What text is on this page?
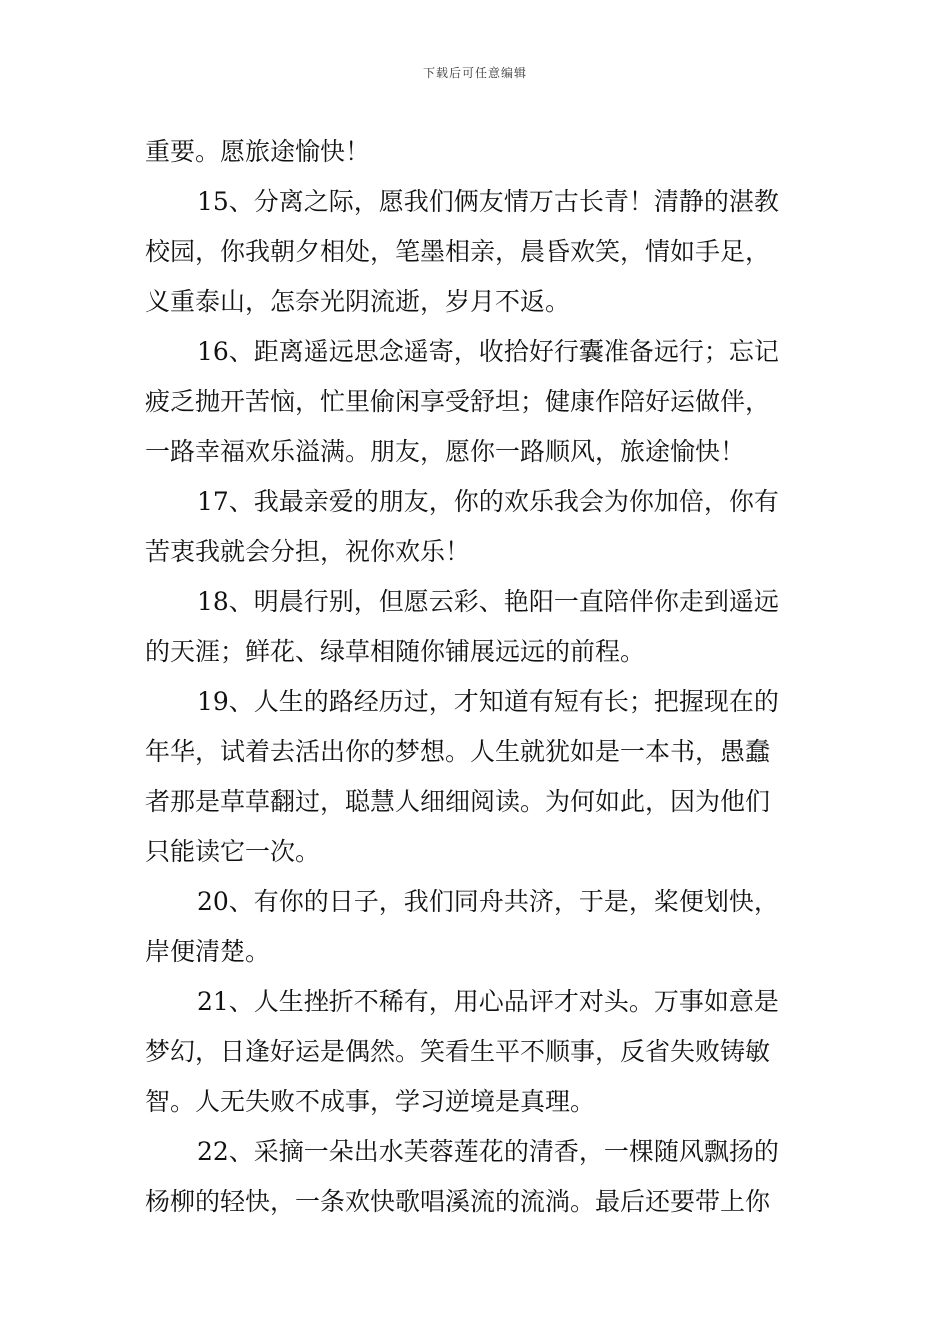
下载后可任意编辑
重要。愿旅途愉快！
15、分离之际，愿我们俩友情万古长青！清静的湛教
校园，你我朝夕相处，笔墨相亲，晨昏欢笑，情如手足，
义重泰山，怎奈光阴流逝，岁月不返。
16、距离遥远思念遥寄，收拾好行囊准备远行；忘记
疲乏抛开苦恼，忙里偷闲享受舒坦；健康作陪好运做伴，
一路幸福欢乐溢满。朋友，愿你一路顺风，旅途愉快！
17、我最亲爱的朋友，你的欢乐我会为你加倍，你有
苦衷我就会分担，祝你欢乐！
18、明晨行别，但愿云彩、艳阳一直陪伴你走到遥远
的天涯；鲜花、绿草相随你铺展远远的前程。
19、人生的路经历过，才知道有短有长；把握现在的
年华，试着去活出你的梦想。人生就犹如是一本书，愚蠢
者那是草草翻过，聪慧人细细阅读。为何如此，因为他们
只能读它一次。
20、有你的日子，我们同舟共济，于是，桨便划快，
岸便清楚。
21、人生挫折不稀有，用心品评才对头。万事如意是
梦幻，日逢好运是偶然。笑看生平不顺事，反省失败铸敏
智。人无失败不成事，学习逆境是真理。
22、采摘一朵出水芙蓉莲花的清香，一棵随风飘扬的
杨柳的轻快，一条欢快歌唱溪流的流淌。最后还要带上你
